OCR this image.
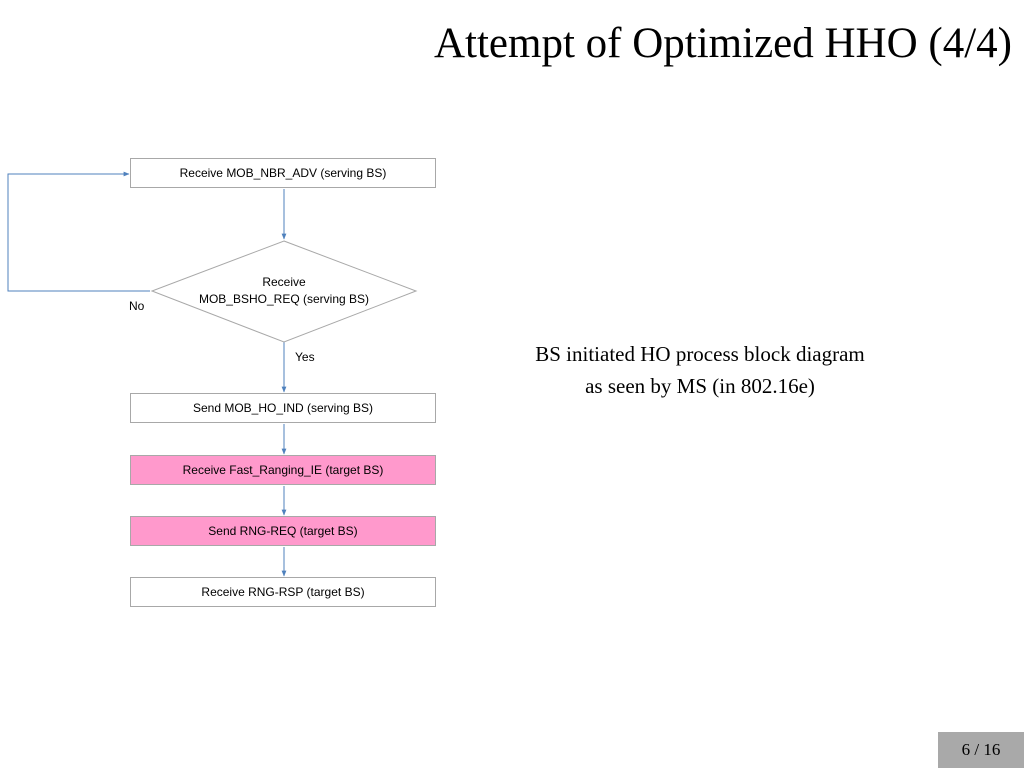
Attempt of Optimized HHO (4/4)
Receive MOB_NBR_ADV (serving BS)
Receive
MOB_BSHO_REQ (serving BS)
No
Yes
Send MOB_HO_IND (serving BS)
Receive Fast_Ranging_IE (target BS)
Send RNG-REQ (target BS)
Receive RNG-RSP (target BS)
BS initiated HO process block diagram
as seen by MS (in 802.16e)
6 / 16
